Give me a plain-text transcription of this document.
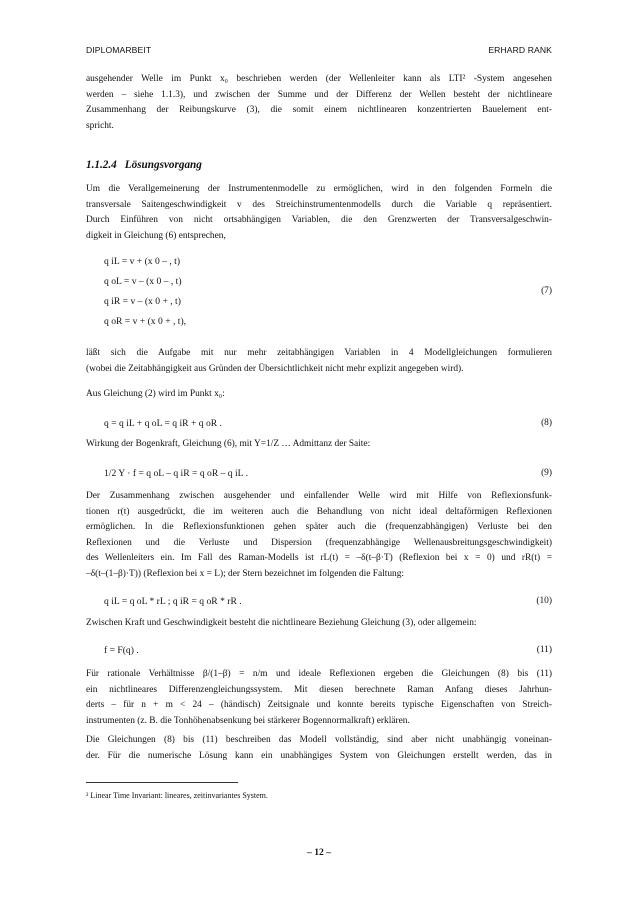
DIPLOMARBEIT	ERHARD RANK
ausgehender Welle im Punkt x₀ beschrieben werden (der Wellenleiter kann als LTI² -System angesehen
werden – siehe 1.1.3), und zwischen der Summe und der Differenz der Wellen besteht der nichtlineare
Zusammenhang der Reibungskurve (3), die somit einem nichtlinearen konzentrierten Bauelement ent-
spricht.
1.1.2.4 Lösungsvorgang
Um die Verallgemeinerung der Instrumentenmodelle zu ermöglichen, wird in den folgenden Formeln die
transversale Saitengeschwindigkeit v des Streichinstrumentenmodells durch die Variable q repräsentiert.
Durch Einführen von nicht ortsabhängigen Variablen, die den Grenzwerten der Transversalgeschwin-
digkeit in Gleichung (6) entsprechen,
q iL = v + (x 0 – , t)
q oL = v – (x 0 – , t)
q iR = v – (x 0 + , t)
q oR = v + (x 0 + , t),
(7)
läßt sich die Aufgabe mit nur mehr zeitabhängigen Variablen in 4 Modellgleichungen formulieren
(wobei die Zeitabhängigkeit aus Gründen der Übersichtlichkeit nicht mehr explizit angegeben wird).
Aus Gleichung (2) wird im Punkt x₀:
q = q iL + q oL = q iR + q oR .	(8)
Wirkung der Bogenkraft, Gleichung (6), mit Y=1/Z … Admittanz der Saite:
1/2 Y · f = q oL – q iR = q oR – q iL .	(9)
Der Zusammenhang zwischen ausgehender und einfallender Welle wird mit Hilfe von Reflexionsfunk-
tionen r(t) ausgedrückt, die im weiteren auch die Behandlung von nicht ideal deltaförmigen Reflexionen
ermöglichen. In die Reflexionsfunktionen gehen später auch die (frequenzabhängigen) Verluste bei den
Reflexionen und die Verluste und Dispersion (frequenzabhängige Wellenausbreitungsgeschwindigkeit)
des Wellenleiters ein. Im Fall des Raman-Modells ist rL(t) = –δ(t–β·T) (Reflexion bei x = 0) und rR(t) =
–δ(t–(1–β)·T)) (Reflexion bei x = L); der Stern bezeichnet im folgenden die Faltung:
q iL = q oL * rL ; q iR = q oR * rR .	(10)
Zwischen Kraft und Geschwindigkeit besteht die nichtlineare Beziehung Gleichung (3), oder allgemein:
f = F(q) .	(11)
Für rationale Verhältnisse β/(1–β) = n/m und ideale Reflexionen ergeben die Gleichungen (8) bis (11)
ein nichtlineares Differenzengleichungssystem. Mit diesen berechnete Raman Anfang dieses Jahrhun-
derts – für n + m < 24 – (händisch) Zeitsignale und konnte bereits typische Eigenschaften von Streich-
instrumenten (z. B. die Tonhöhenabsenkung bei stärkerer Bogennormalkraft) erklären.
Die Gleichungen (8) bis (11) beschreiben das Modell vollständig, sind aber nicht unabhängig voneinan-
der. Für die numerische Lösung kann ein unabhängiges System von Gleichungen erstellt werden, das in
² Linear Time Invariant: lineares, zeitinvariantes System.
– 12 –
